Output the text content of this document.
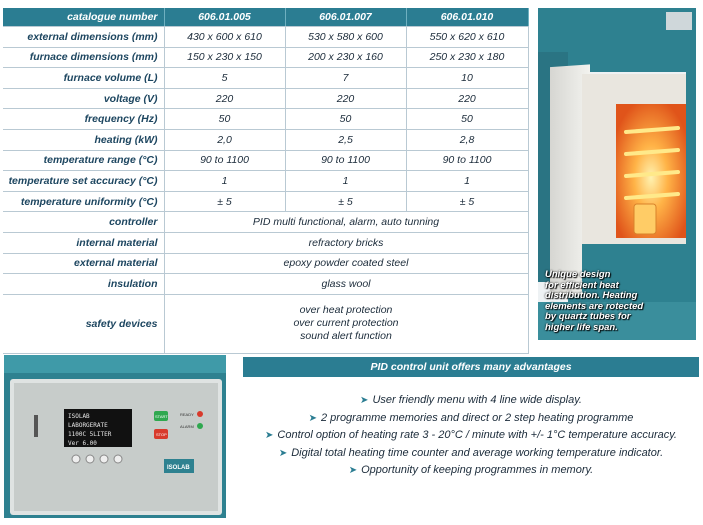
catalogue number	606.01.005	606.01.007	606.01.010
external dimensions (mm)	430 x 600 x 610	530 x 580 x 600	550 x 620 x 610
furnace dimensions (mm)	150 x 230 x 150	200 x 230 x 160	250 x 230 x 180
furnace volume (L)	5	7	10
voltage (V)	220	220	220
frequency (Hz)	50	50	50
heating (kW)	2,0	2,5	2,8
temperature range (°C)	90 to 1100	90 to 1100	90 to 1100
temperature set accuracy (°C)	1	1	1
temperature uniformity (°C)	± 5	± 5	± 5
controller	PID multi functional, alarm, auto tunning		
internal material	refractory bricks		
external material	epoxy powder coated steel		
insulation	glass wool		
safety devices	over heat protection
over current protection
sound alert function		

Unique design
for efficient heat
distribution. Heating
elements are rotected
by quartz tubes for
higher life span.
ISOLAB
LABORGERATE
1100C 5LITER
Ver 6.00
START
STOP
READY
ALARM
ISOLAB
PID control unit offers many advantages
➤ User friendly menu with 4 line wide display.
➤ 2 programme memories and direct or 2 step heating programme
➤ Control option of heating rate 3 - 20°C / minute with +/- 1°C temperature accuracy.
➤ Digital total heating time counter and average working temperature indicator.
➤ Opportunity of keeping programmes in memory.
